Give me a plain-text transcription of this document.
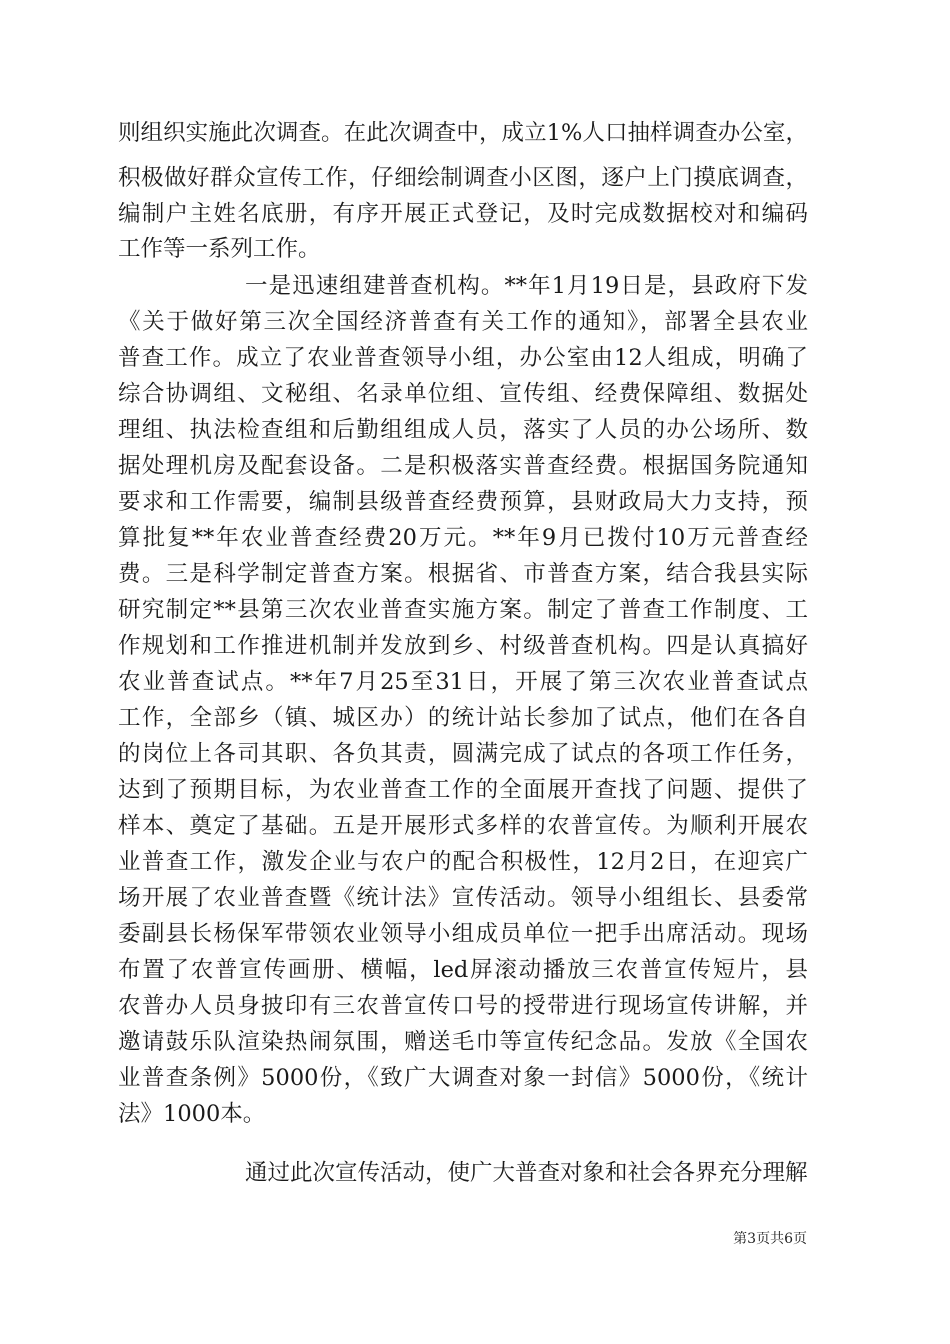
则组织实施此次调查。在此次调查中，成立1%人口抽样调查办公室，
积极做好群众宣传工作，仔细绘制调查小区图，逐户上门摸底调查，
编制户主姓名底册，有序开展正式登记，及时完成数据校对和编码
工作等一系列工作。
一是迅速组建普查机构。**年1月19日是，县政府下发
《关于做好第三次全国经济普查有关工作的通知》，部署全县农业
普查工作。成立了农业普查领导小组，办公室由12人组成，明确了
综合协调组、文秘组、名录单位组、宣传组、经费保障组、数据处
理组、执法检查组和后勤组组成人员，落实了人员的办公场所、数
据处理机房及配套设备。二是积极落实普查经费。根据国务院通知
要求和工作需要，编制县级普查经费预算，县财政局大力支持，预
算批复**年农业普查经费20万元。**年9月已拨付10万元普查经
费。三是科学制定普查方案。根据省、市普查方案，结合我县实际
研究制定**县第三次农业普查实施方案。制定了普查工作制度、工
作规划和工作推进机制并发放到乡、村级普查机构。四是认真搞好
农业普查试点。**年7月25至31日，开展了第三次农业普查试点
工作，全部乡（镇、城区办）的统计站长参加了试点，他们在各自
的岗位上各司其职、各负其责，圆满完成了试点的各项工作任务，
达到了预期目标，为农业普查工作的全面展开查找了问题、提供了
样本、奠定了基础。五是开展形式多样的农普宣传。为顺利开展农
业普查工作，激发企业与农户的配合积极性，12月2日，在迎宾广
场开展了农业普查暨《统计法》宣传活动。领导小组组长、县委常
委副县长杨保军带领农业领导小组成员单位一把手出席活动。现场
布置了农普宣传画册、横幅，led屏滚动播放三农普宣传短片，县
农普办人员身披印有三农普宣传口号的授带进行现场宣传讲解，并
邀请鼓乐队渲染热闹氛围，赠送毛巾等宣传纪念品。发放《全国农
业普查条例》5000份，《致广大调查对象一封信》5000份，《统计
法》1000本。
通过此次宣传活动，使广大普查对象和社会各界充分理解
第3页共6页
